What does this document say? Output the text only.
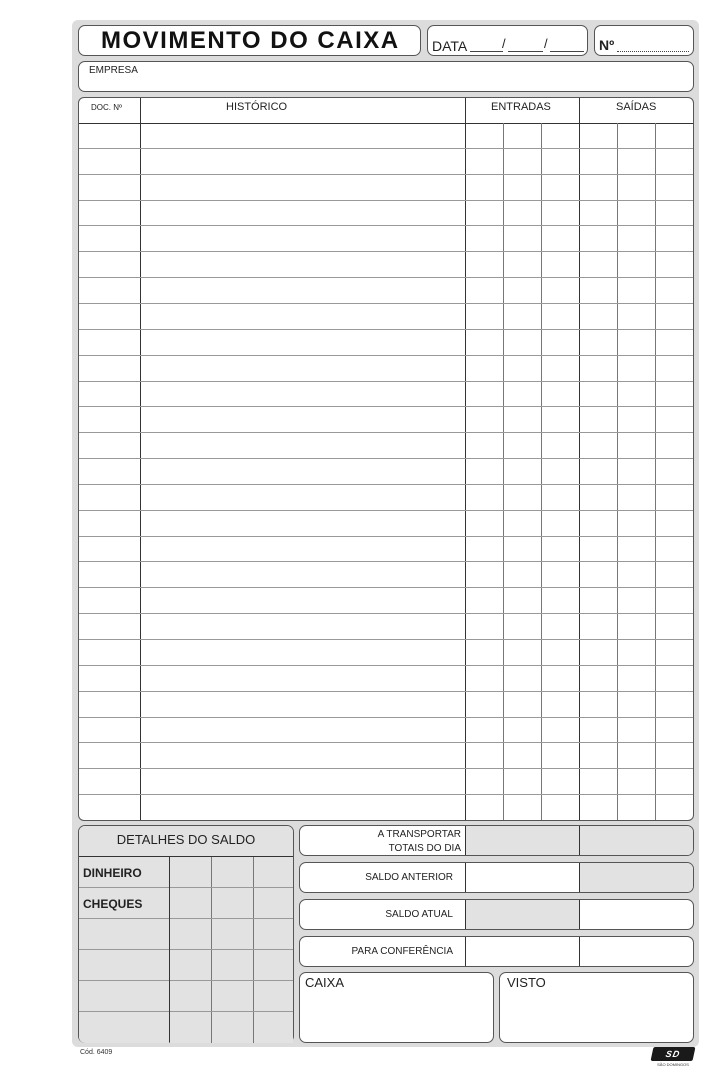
MOVIMENTO DO CAIXA DATA	/	/	Nº
EMPRESA
DOC. Nº	HISTÓRICO	ENTRADAS	SAÍDAS
DETALHES DO SALDO
DINHEIRO
CHEQUES
A TRANSPORTAR
TOTAIS DO DIA
SALDO ANTERIOR
SALDO ATUAL
PARA CONFERÊNCIA
CAIXA	VISTO
Cód. 6409	SD
SÃO DOMINGOS
